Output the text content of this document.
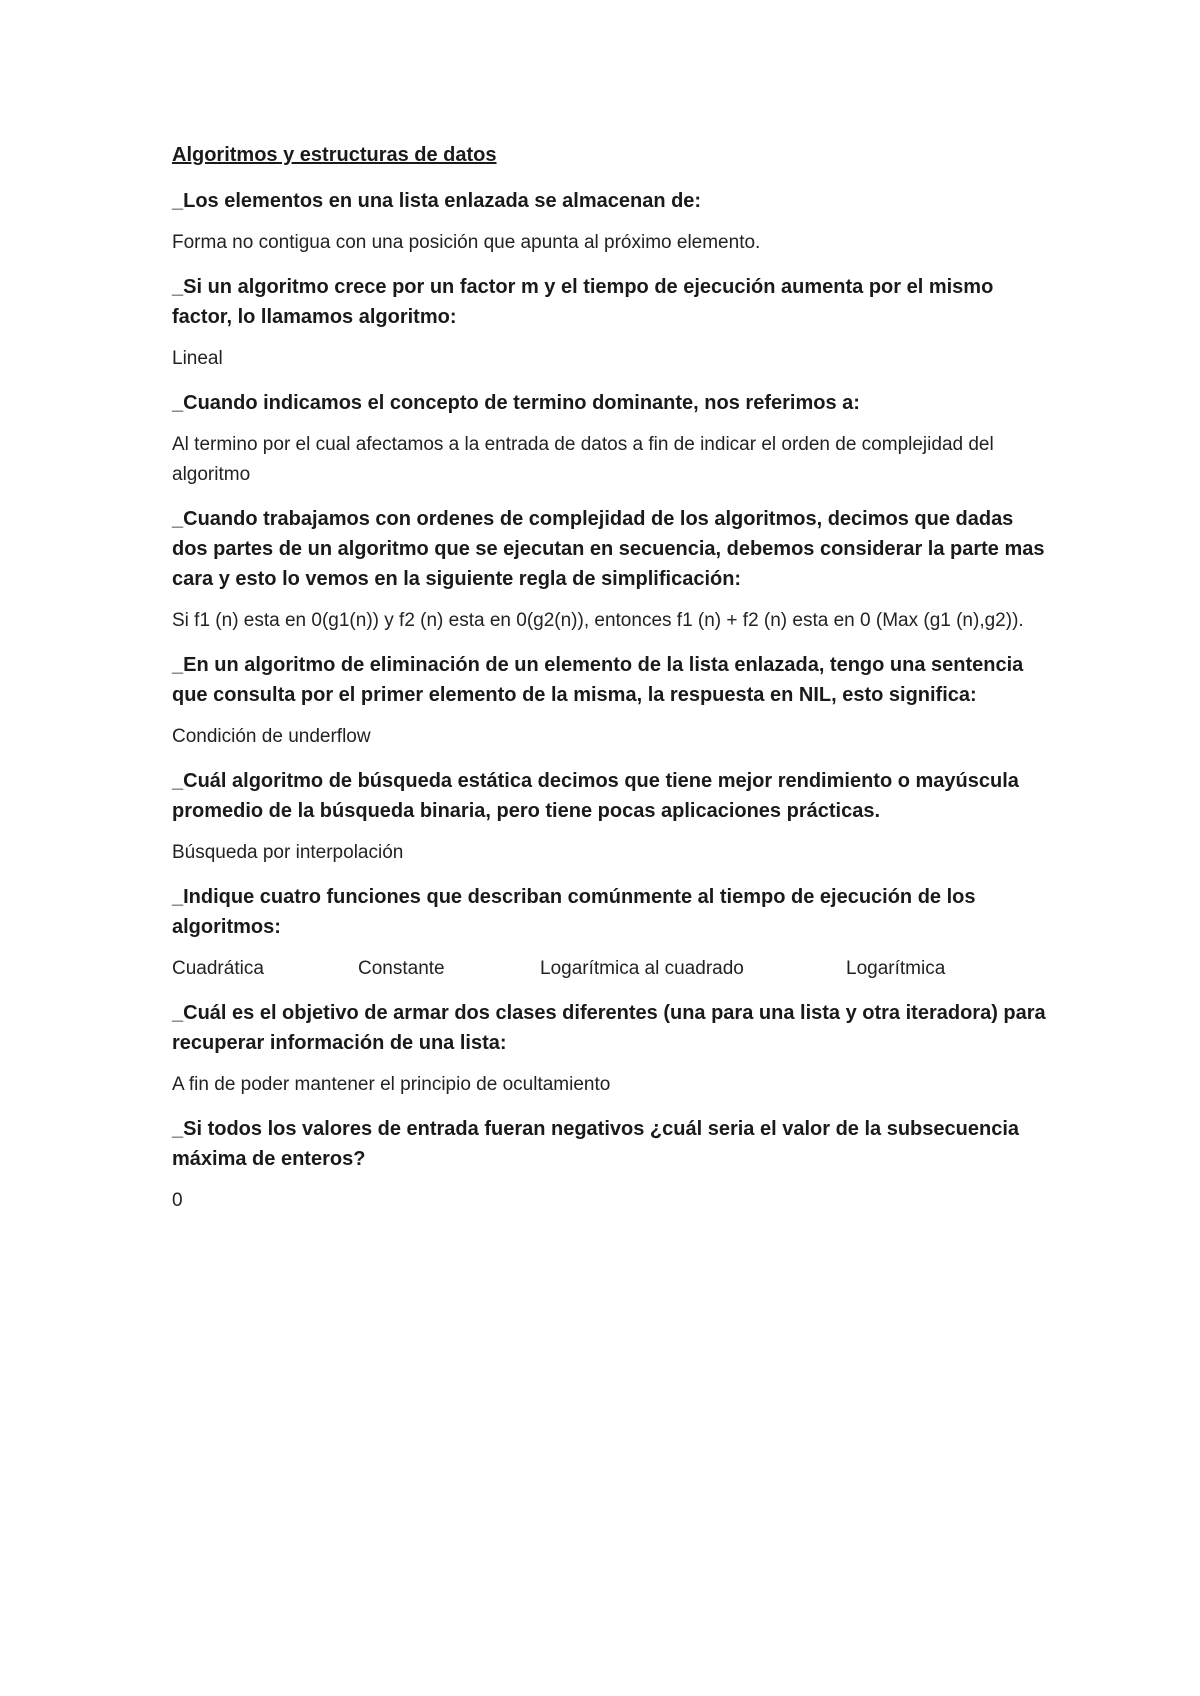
Algoritmos y estructuras de datos
_Los elementos en una lista enlazada se almacenan de:
Forma no contigua con una posición que apunta al próximo elemento.
_Si un algoritmo crece por un factor m y el tiempo de ejecución aumenta por el mismo factor, lo llamamos algoritmo:
Lineal
_Cuando indicamos el concepto de termino dominante, nos referimos a:
Al termino por el cual afectamos a la entrada de datos a fin de indicar el orden de complejidad del algoritmo
_Cuando trabajamos con ordenes de complejidad de los algoritmos, decimos que dadas dos partes de un algoritmo que se ejecutan en secuencia, debemos considerar la parte mas cara y esto lo vemos en la siguiente regla de simplificación:
Si f1 (n) esta en 0(g1(n)) y f2 (n) esta en 0(g2(n)), entonces f1 (n) + f2 (n) esta en 0 (Max (g1 (n),g2)).
_En un algoritmo de eliminación de un elemento de la lista enlazada, tengo una sentencia que consulta por el primer elemento de la misma, la respuesta en NIL, esto significa:
Condición de underflow
_Cuál algoritmo de búsqueda estática decimos que tiene mejor rendimiento o mayúscula promedio de la búsqueda binaria, pero tiene pocas aplicaciones prácticas.
Búsqueda por interpolación
_Indique cuatro funciones que describan comúnmente al tiempo de ejecución de los algoritmos:
Cuadrática	Constante	Logarítmica al cuadrado	Logarítmica
_Cuál es el objetivo de armar dos clases diferentes (una para una lista y otra iteradora) para recuperar información de una lista:
A fin de poder mantener el principio de ocultamiento
_Si todos los valores de entrada fueran negativos ¿cuál seria el valor de la subsecuencia máxima de enteros?
0
